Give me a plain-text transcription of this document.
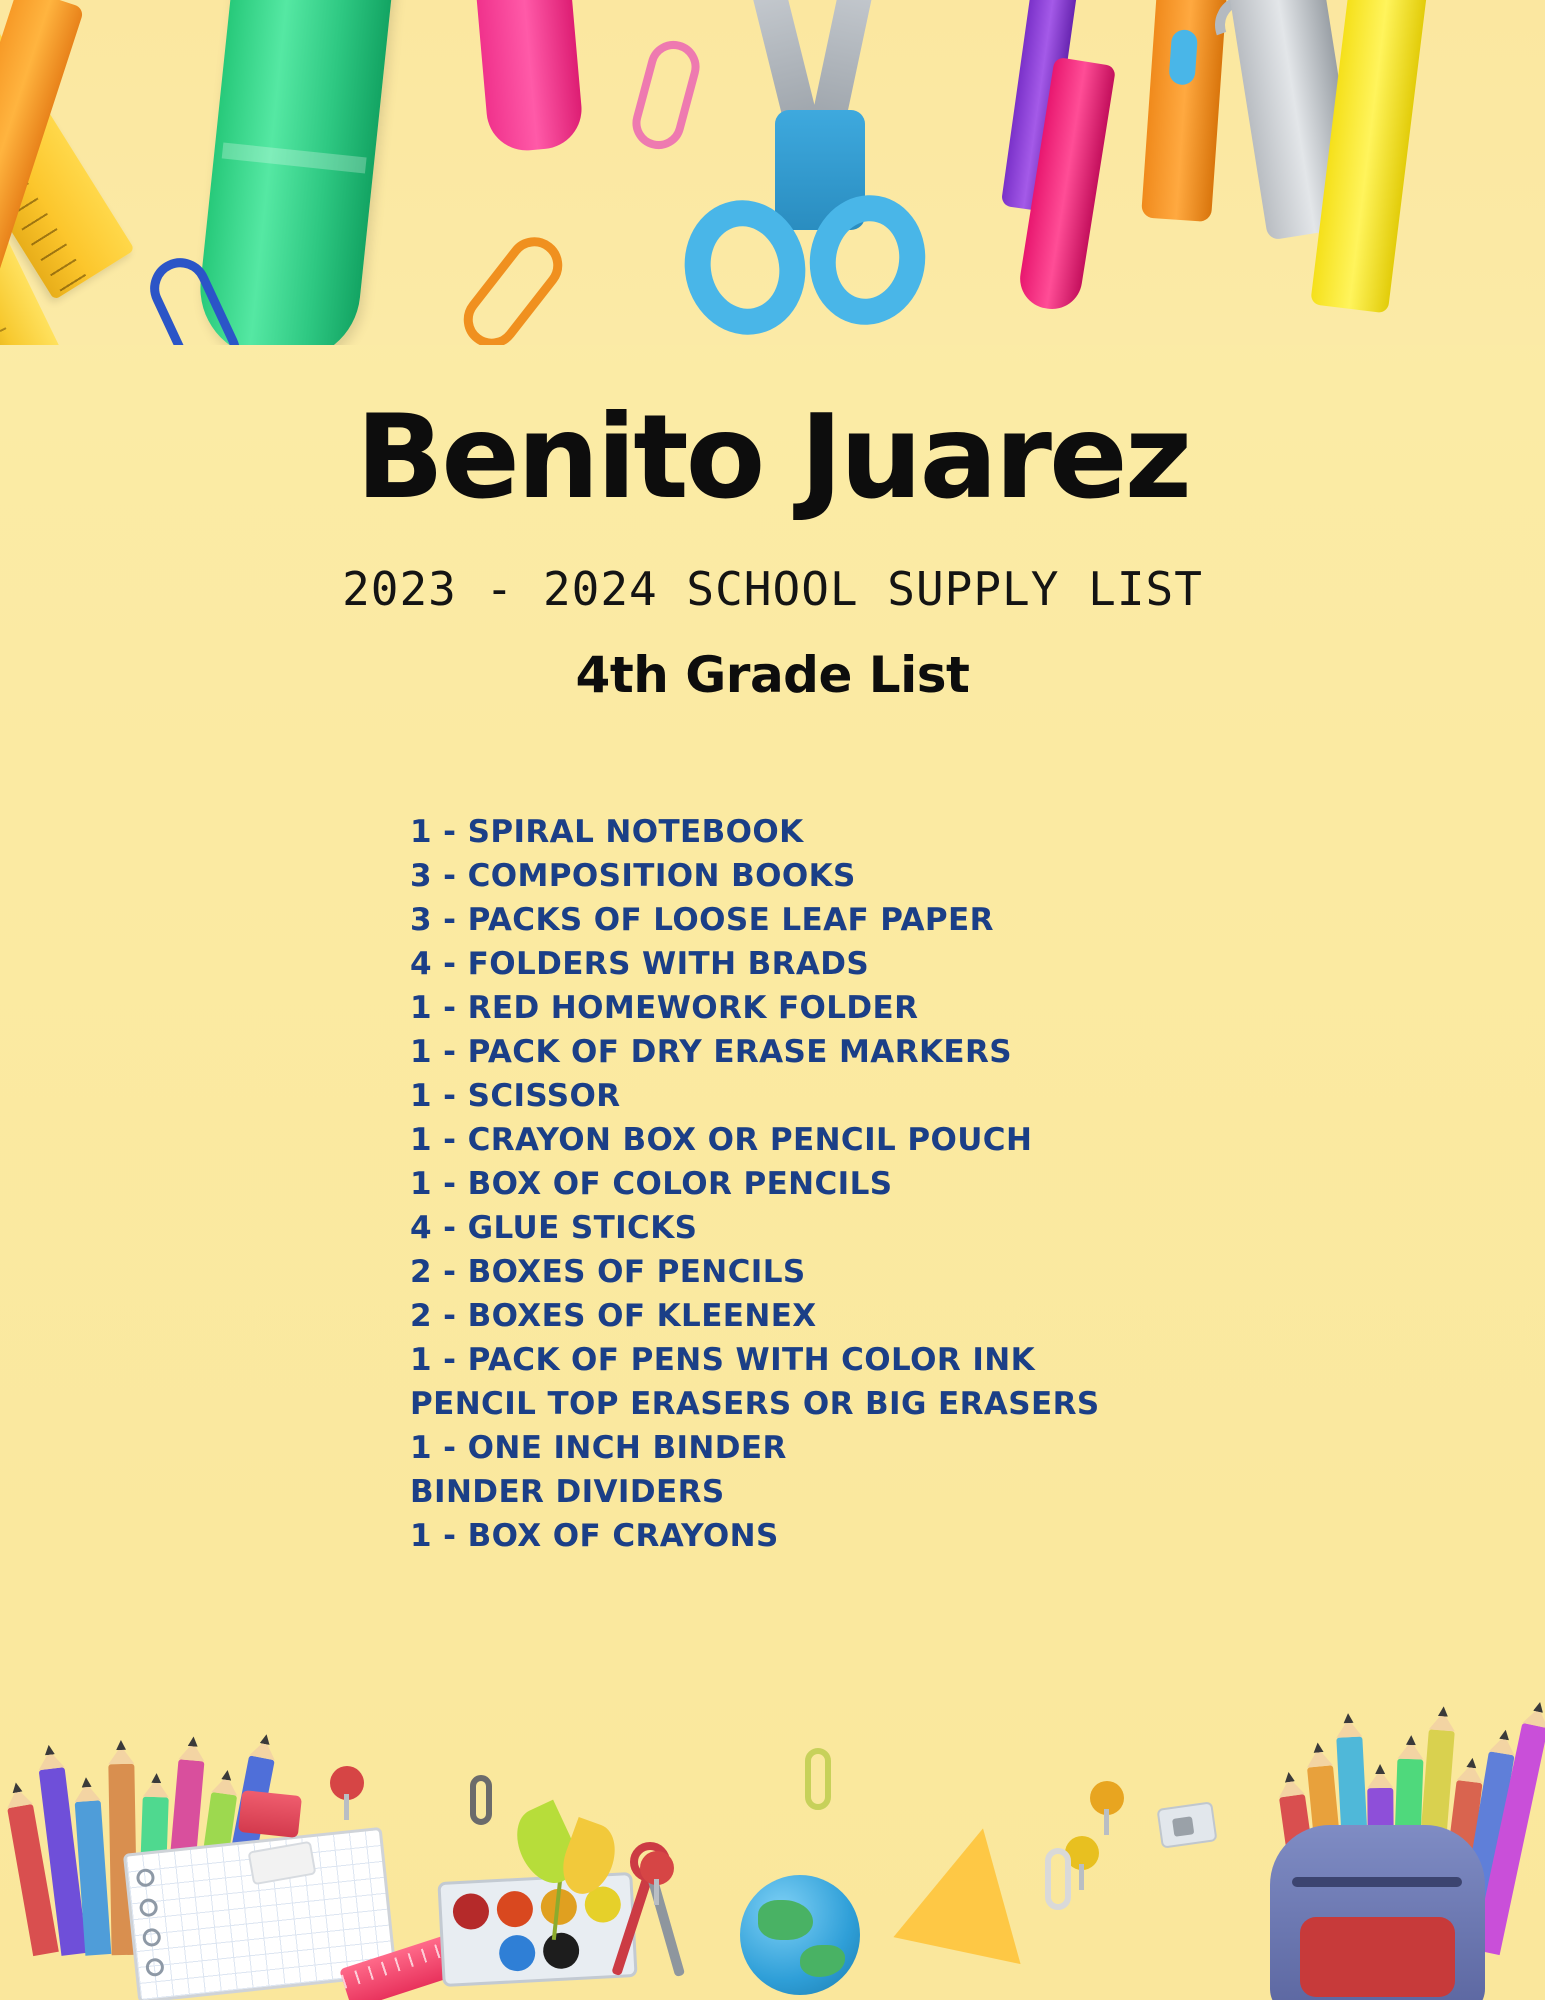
Benito Juarez
2023 - 2024 SCHOOL SUPPLY LIST
4th Grade List
1 - SPIRAL NOTEBOOK
3 - COMPOSITION BOOKS
3 - PACKS OF LOOSE LEAF PAPER
4 - FOLDERS WITH BRADS
1 - RED HOMEWORK FOLDER
1 - PACK OF DRY ERASE MARKERS
1 - SCISSOR
1 - CRAYON BOX OR PENCIL POUCH
1 - BOX OF COLOR PENCILS
4 - GLUE STICKS
2 - BOXES OF PENCILS
2 - BOXES OF KLEENEX
1 - PACK OF PENS WITH COLOR INK
PENCIL TOP ERASERS OR BIG ERASERS
1 - ONE INCH BINDER
BINDER DIVIDERS
1 - BOX OF CRAYONS
